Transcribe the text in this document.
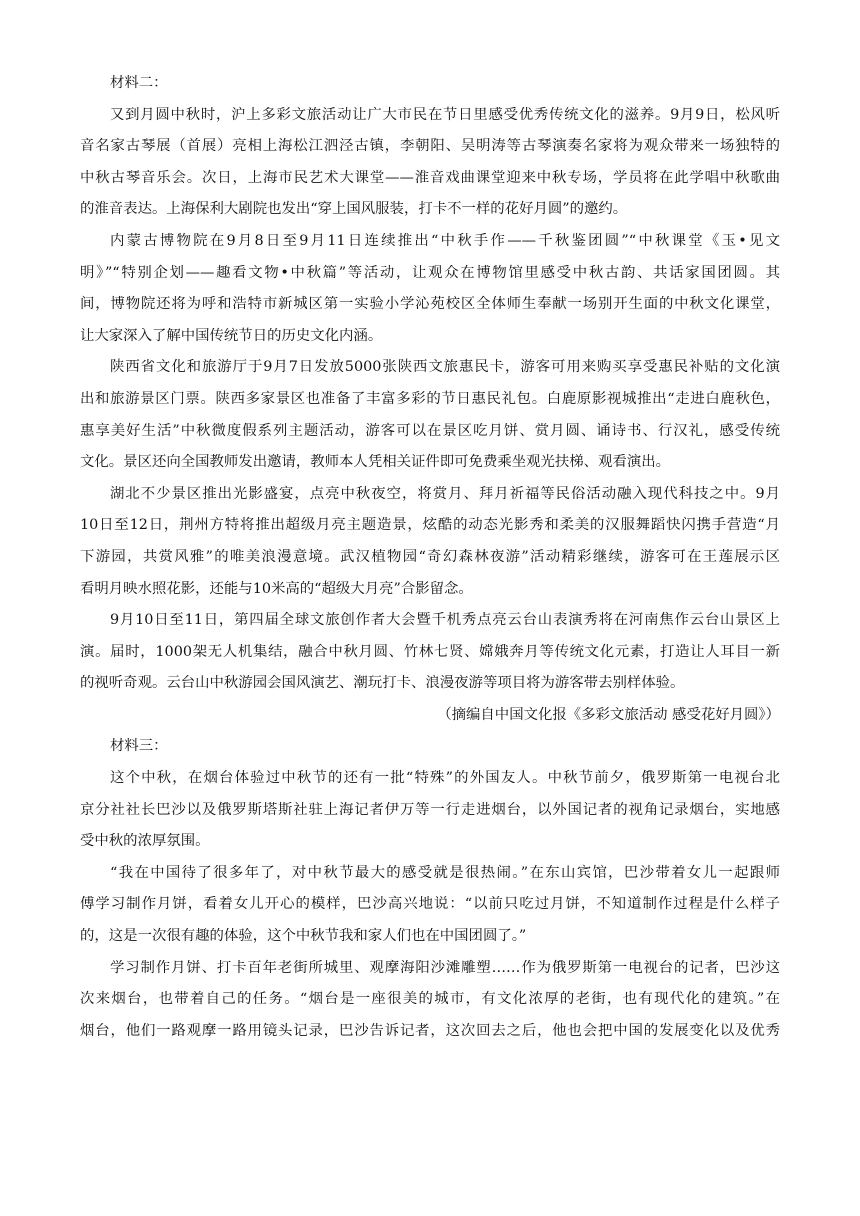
材料二：
又到月圆中秋时，沪上多彩文旅活动让广大市民在节日里感受优秀传统文化的滋养。9月9日，松风听
音名家古琴展（首展）亮相上海松江泗泾古镇，李朝阳、吴明涛等古琴演奏名家将为观众带来一场独特的
中秋古琴音乐会。次日，上海市民艺术大课堂——淮音戏曲课堂迎来中秋专场，学员将在此学唱中秋歌曲
的淮音表达。上海保利大剧院也发出“穿上国风服装，打卡不一样的花好月圆”的邀约。
内蒙古博物院在9月8日至9月11日连续推出“中秋手作——千秋鉴团圆”“中秋课堂《玉•见文
明》”“特别企划——趣看文物•中秋篇”等活动，让观众在博物馆里感受中秋古韵、共话家国团圆。其
间，博物院还将为呼和浩特市新城区第一实验小学沁苑校区全体师生奉献一场别开生面的中秋文化课堂，
让大家深入了解中国传统节日的历史文化内涵。
陕西省文化和旅游厅于9月7日发放5000张陕西文旅惠民卡，游客可用来购买享受惠民补贴的文化演
出和旅游景区门票。陕西多家景区也准备了丰富多彩的节日惠民礼包。白鹿原影视城推出“走进白鹿秋色，
惠享美好生活”中秋微度假系列主题活动，游客可以在景区吃月饼、赏月圆、诵诗书、行汉礼，感受传统
文化。景区还向全国教师发出邀请，教师本人凭相关证件即可免费乘坐观光扶梯、观看演出。
湖北不少景区推出光影盛宴，点亮中秋夜空，将赏月、拜月祈福等民俗活动融入现代科技之中。9月
10日至12日，荆州方特将推出超级月亮主题造景，炫酷的动态光影秀和柔美的汉服舞蹈快闪携手营造“月
下游园，共赏风雅”的唯美浪漫意境。武汉植物园“奇幻森林夜游”活动精彩继续，游客可在王莲展示区
看明月映水照花影，还能与10米高的“超级大月亮”合影留念。
9月10日至11日，第四届全球文旅创作者大会暨千机秀点亮云台山表演秀将在河南焦作云台山景区上
演。届时，1000架无人机集结，融合中秋月圆、竹林七贤、嫦娥奔月等传统文化元素，打造让人耳目一新
的视听奇观。云台山中秋游园会国风演艺、潮玩打卡、浪漫夜游等项目将为游客带去别样体验。
（摘编自中国文化报《多彩文旅活动 感受花好月圆》）
材料三：
这个中秋，在烟台体验过中秋节的还有一批“特殊”的外国友人。中秋节前夕，俄罗斯第一电视台北
京分社社长巴沙以及俄罗斯塔斯社驻上海记者伊万等一行走进烟台，以外国记者的视角记录烟台，实地感
受中秋的浓厚氛围。
“我在中国待了很多年了，对中秋节最大的感受就是很热闹。”在东山宾馆，巴沙带着女儿一起跟师
傅学习制作月饼，看着女儿开心的模样，巴沙高兴地说：“以前只吃过月饼，不知道制作过程是什么样子
的，这是一次很有趣的体验，这个中秋节我和家人们也在中国团圆了。”
学习制作月饼、打卡百年老街所城里、观摩海阳沙滩雕塑……作为俄罗斯第一电视台的记者，巴沙这
次来烟台，也带着自己的任务。“烟台是一座很美的城市，有文化浓厚的老街，也有现代化的建筑。”在
烟台，他们一路观摩一路用镜头记录，巴沙告诉记者，这次回去之后，他也会把中国的发展变化以及优秀
